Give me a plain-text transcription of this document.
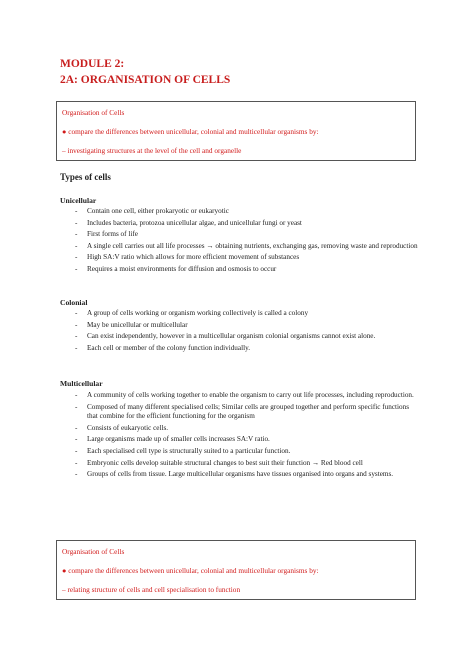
MODULE 2:
2A: ORGANISATION OF CELLS
Organisation of Cells
● compare the differences between unicellular, colonial and multicellular organisms by:
– investigating structures at the level of the cell and organelle
Types of cells
Unicellular
- Contain one cell, either prokaryotic or eukaryotic
- Includes bacteria, protozoa unicellular algae, and unicellular fungi or yeast
- First forms of life
- A single cell carries out all life processes → obtaining nutrients, exchanging gas, removing waste and reproduction
- High SA:V ratio which allows for more efficient movement of substances
- Requires a moist environments for diffusion and osmosis to occur
Colonial
- A group of cells working or organism working collectively is called a colony
- May be unicellular or multicellular
- Can exist independently, however in a multicellular organism colonial organisms cannot exist alone.
- Each cell or member of the colony function individually.
Multicellular
- A community of cells working together to enable the organism to carry out life processes, including reproduction.
- Composed of many different specialised cells; Similar cells are grouped together and perform specific functions that combine for the efficient functioning for the organism
- Consists of eukaryotic cells.
- Large organisms made up of smaller cells increases SA:V ratio.
- Each specialised cell type is structurally suited to a particular function.
- Embryonic cells develop suitable structural changes to best suit their function → Red blood cell
- Groups of cells from tissue. Large multicellular organisms have tissues organised into organs and systems.
Organisation of Cells
● compare the differences between unicellular, colonial and multicellular organisms by:
– relating structure of cells and cell specialisation to function
